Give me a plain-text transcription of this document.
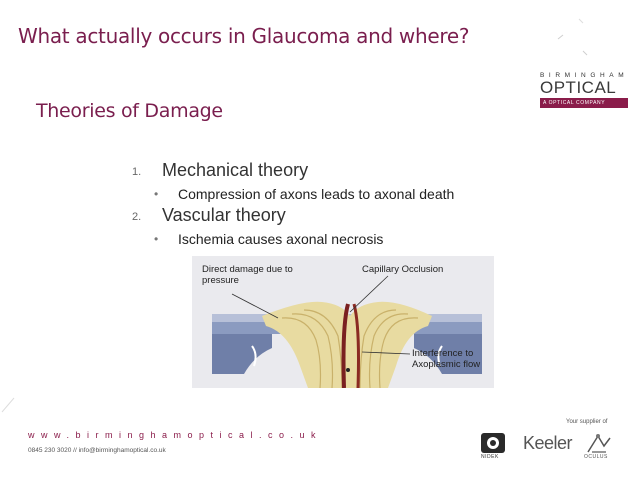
What actually occurs in Glaucoma and where?
BIRMINGHAM
OPTICAL
A OPTICAL COMPANY
Theories of Damage
1. Mechanical theory
• Compression of axons leads to axonal death
2. Vascular theory
• Ischemia causes axonal necrosis
Direct damage due to
pressure
Capillary Occlusion
Interference to
Axoplasmic flow
www.birminghamoptical.co.uk
0845 230 3020 // info@birminghamoptical.co.uk
Your supplier of
NIDEK
Keeler
OCULUS
